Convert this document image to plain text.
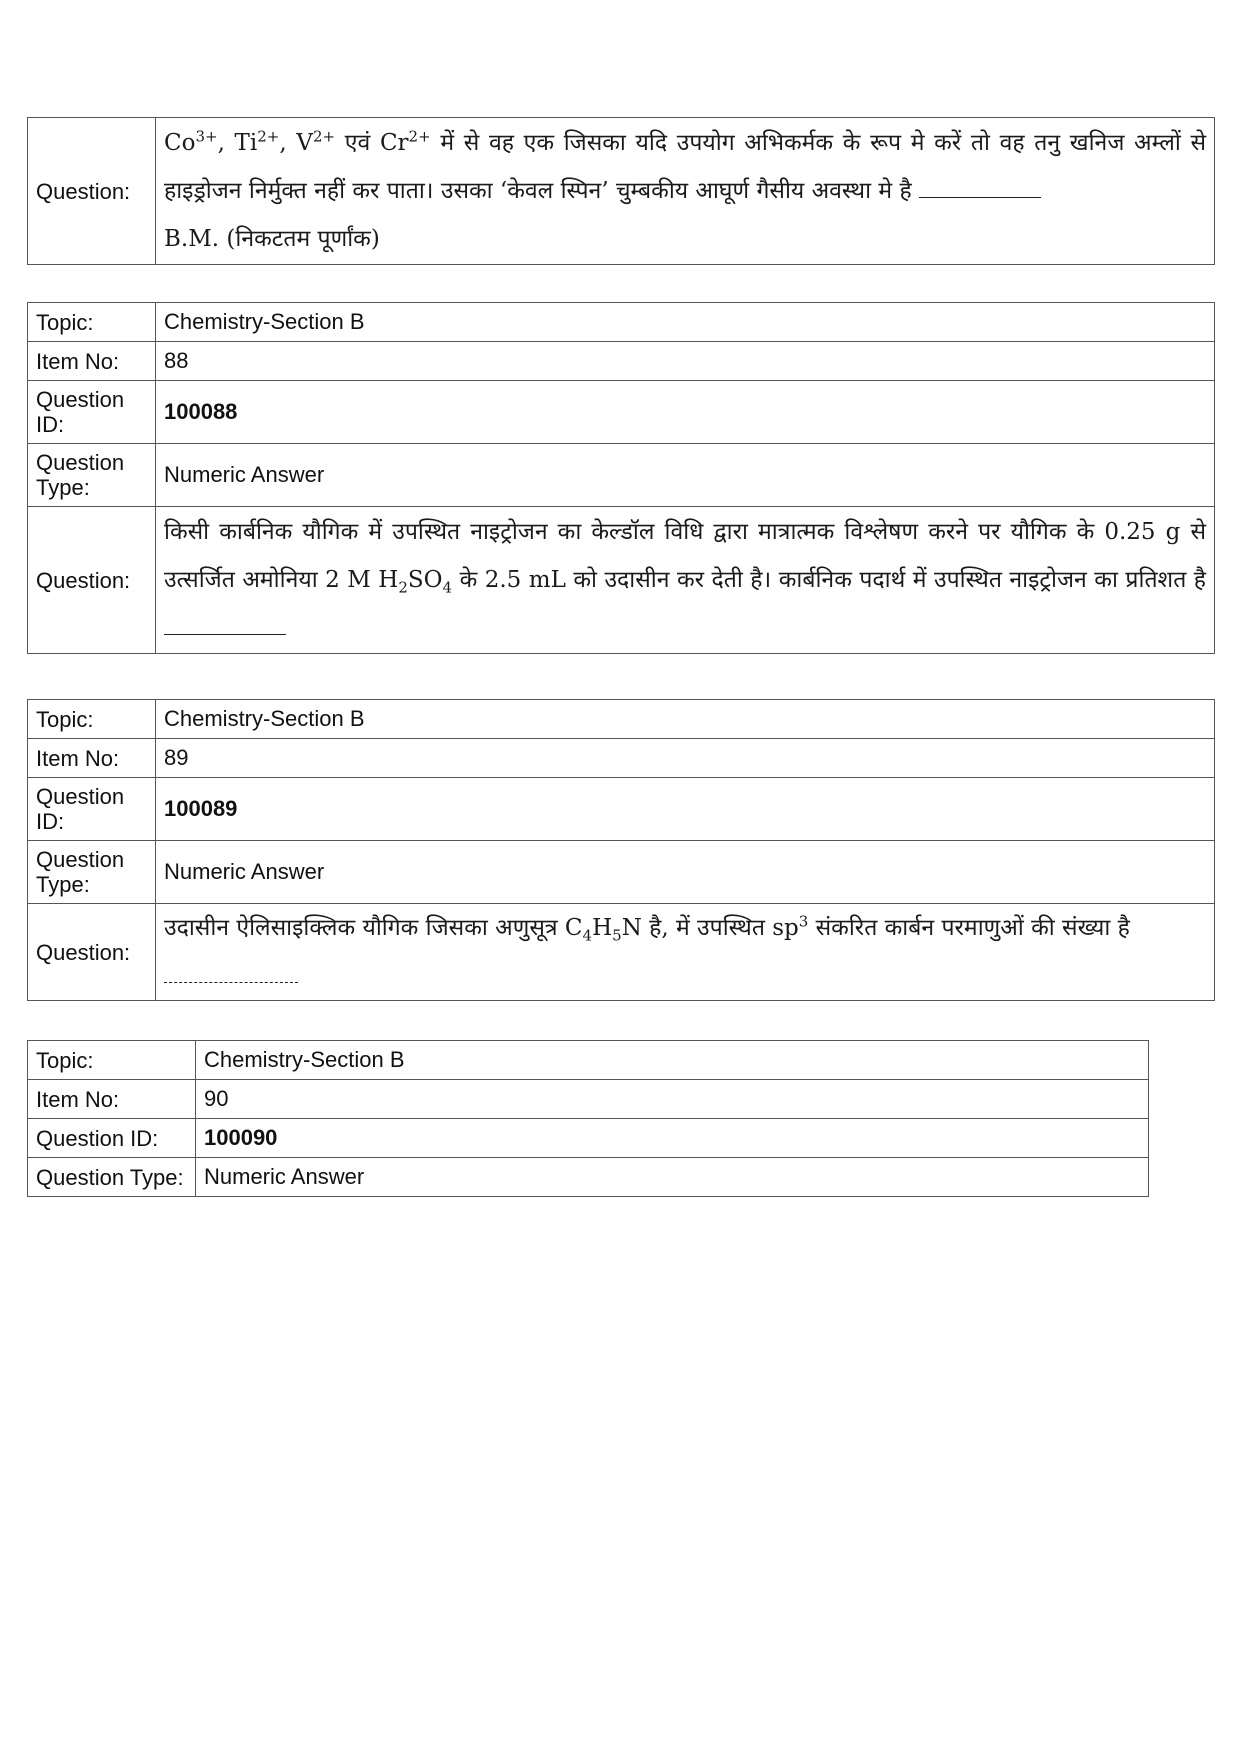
Question:	$Co^{3+}$, $Ti^{2+}$, $V^{2+}$ एवं $Cr^{2+}$ में से वह एक जिसका यदि उपयोग अभिकर्मक के रूप मे करें तो वह तनु खनिज अम्लों से हाइड्रोजन निर्मुक्त नहीं कर पाता। उसका ‘केवल स्पिन’ चुम्बकीय आघूर्ण गैसीय अवस्था मे है
B.M. (निकटतम पूर्णांक)
Topic:	Chemistry-Section B
Item No:	88
Question ID:	100088
Question Type:	Numeric Answer
Question:	किसी कार्बनिक यौगिक में उपस्थित नाइट्रोजन का केल्डॉल विधि द्वारा मात्रात्मक विश्लेषण करने पर यौगिक के 0.25 g से उत्सर्जित अमोनिया 2 M $H_2SO_4$ के 2.5 mL को उदासीन कर देती है। कार्बनिक पदार्थ में उपस्थित नाइट्रोजन का प्रतिशत है
Topic:	Chemistry-Section B
Item No:	89
Question ID:	100089
Question Type:	Numeric Answer
Question:	उदासीन ऐलिसाइक्लिक यौगिक जिसका अणुसूत्र $C_4H_5N$ है, में उपस्थित $sp^3$ संकरित कार्बन परमाणुओं की संख्या है

Topic:	Chemistry-Section B
Item No:	90
Question ID:	100090
Question Type:	Numeric Answer
